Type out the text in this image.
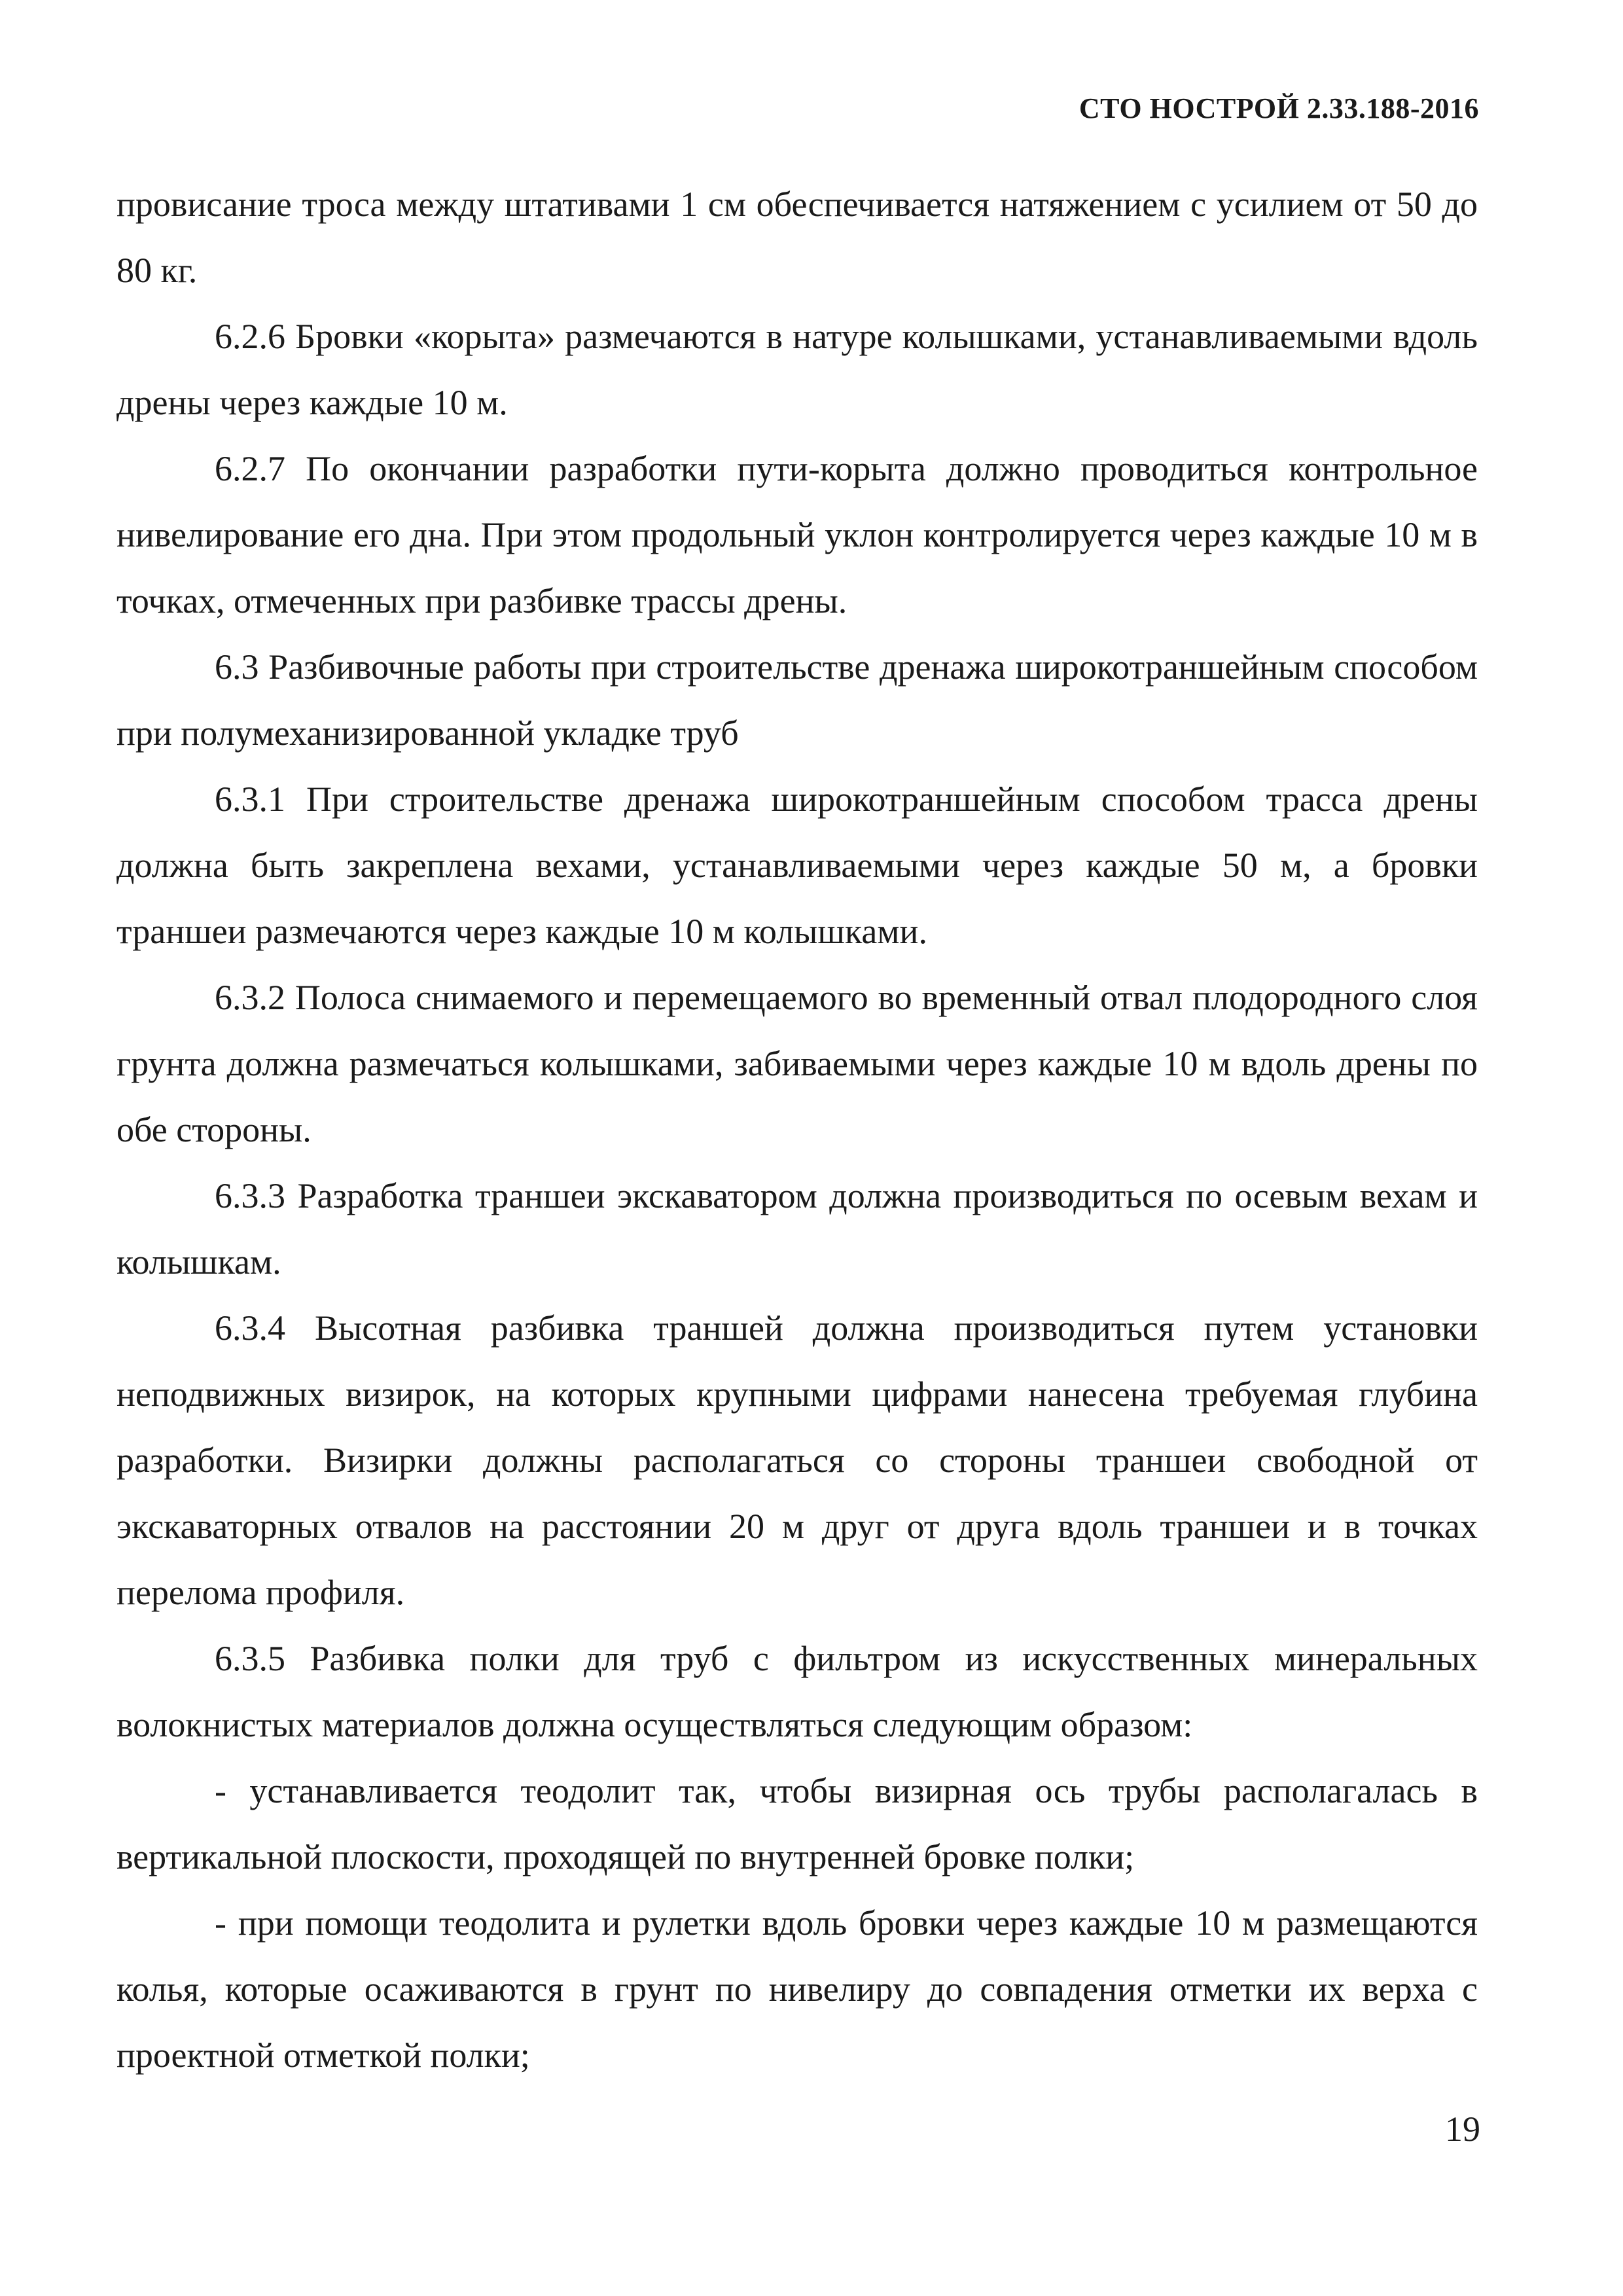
СТО НОСТРОЙ 2.33.188-2016

провисание троса между штативами 1 см обеспечивается натяжением с усилием от 50 до 80 кг.

6.2.6 Бровки «корыта» размечаются в натуре колышками, устанавливаемыми вдоль дрены через каждые 10 м.

6.2.7 По окончании разработки пути-корыта должно проводиться контрольное нивелирование его дна. При этом продольный уклон контролируется через каждые 10 м в точках, отмеченных при разбивке трассы дрены.

6.3 Разбивочные работы при строительстве дренажа широкотраншейным способом при полумеханизированной укладке труб

6.3.1 При строительстве дренажа широкотраншейным способом трасса дрены должна быть закреплена вехами, устанавливаемыми через каждые 50 м, а бровки траншеи размечаются через каждые 10 м колышками.

6.3.2 Полоса снимаемого и перемещаемого во временный отвал плодородного слоя грунта должна размечаться колышками, забиваемыми через каждые 10 м вдоль дрены по обе стороны.

6.3.3 Разработка траншеи экскаватором должна производиться по осевым вехам и колышкам.

6.3.4 Высотная разбивка траншей должна производиться путем установки неподвижных визирок, на которых крупными цифрами нанесена требуемая глубина разработки. Визирки должны располагаться со стороны траншеи свободной от экскаваторных отвалов на расстоянии 20 м друг от друга вдоль траншеи и в точках перелома профиля.

6.3.5 Разбивка полки для труб с фильтром из искусственных минеральных волокнистых материалов должна осуществляться следующим образом:

- устанавливается теодолит так, чтобы визирная ось трубы располагалась в вертикальной плоскости, проходящей по внутренней бровке полки;

- при помощи теодолита и рулетки вдоль бровки через каждые 10 м размещаются колья, которые осаживаются в грунт по нивелиру до совпадения отметки их верха с проектной отметкой полки;

19
